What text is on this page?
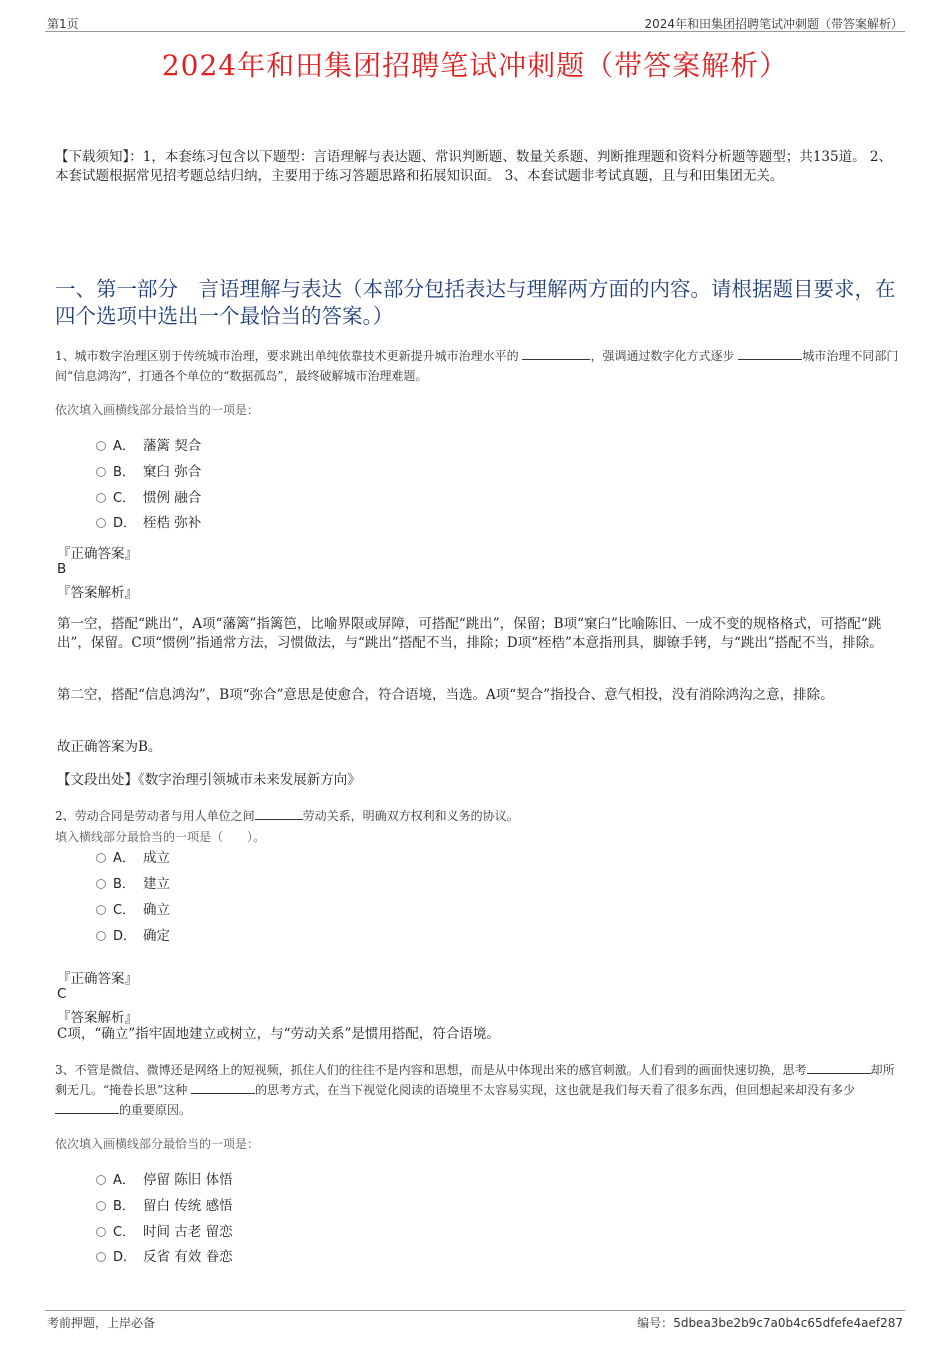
第1页	2024年和田集团招聘笔试冲刺题（带答案解析）
2024年和田集团招聘笔试冲刺题（带答案解析）
【下载须知】：1，本套练习包含以下题型：言语理解与表达题、常识判断题、数量关系题、判断推理题和资料分析题等题型；共135道。 2、本套试题根据常见招考题总结归纳，主要用于练习答题思路和拓展知识面。 3、本套试题非考试真题，且与和田集团无关。
一、第一部分　言语理解与表达（本部分包括表达与理解两方面的内容。请根据题目要求，在四个选项中选出一个最恰当的答案。）
1、城市数字治理区别于传统城市治理，要求跳出单纯依靠技术更新提升城市治理水平的	，强调通过数字化方式逐步	城市治理不同部门间“信息鸿沟”，打通各个单位的“数据孤岛”，最终破解城市治理难题。
依次填入画横线部分最恰当的一项是：
A． 藩篱 契合
B． 窠臼 弥合
C． 惯例 融合
D． 桎梏 弥补
『正确答案』
B
『答案解析』
第一空，搭配“跳出”，A项“藩篱”指篱笆，比喻界限或屏障，可搭配“跳出”，保留；B项“窠臼”比喻陈旧、一成不变的规格格式，可搭配“跳出”，保留。C项“惯例”指通常方法，习惯做法，与“跳出”搭配不当，排除；D项“桎梏”本意指刑具，脚镣手铐，与“跳出”搭配不当，排除。
第二空，搭配“信息鸿沟”，B项“弥合”意思是使愈合，符合语境，当选。A项“契合”指投合、意气相投，没有消除鸿沟之意，排除。
故正确答案为B。
【文段出处】《数字治理引领城市未来发展新方向》
2、劳动合同是劳动者与用人单位之间	劳动关系，明确双方权利和义务的协议。
填入横线部分最恰当的一项是（　　）。
A． 成立
B． 建立
C． 确立
D． 确定
『正确答案』
C
『答案解析』
C项，“确立”指牢固地建立或树立，与“劳动关系”是惯用搭配，符合语境。
3、不管是微信、微博还是网络上的短视频，抓住人们的往往不是内容和思想，而是从中体现出来的感官刺激。人们看到的画面快速切换，思考	却所剩无几。“掩卷长思”这种	的思考方式，在当下视觉化阅读的语境里不太容易实现，这也就是我们每天看了很多东西，但回想起来却没有多少 的重要原因。
依次填入画横线部分最恰当的一项是：
A． 停留 陈旧 体悟
B． 留白 传统 感悟
C． 时间 古老 留恋
D． 反省 有效 眷恋
考前押题，上岸必备	编号：5dbea3be2b9c7a0b4c65dfefe4aef287
